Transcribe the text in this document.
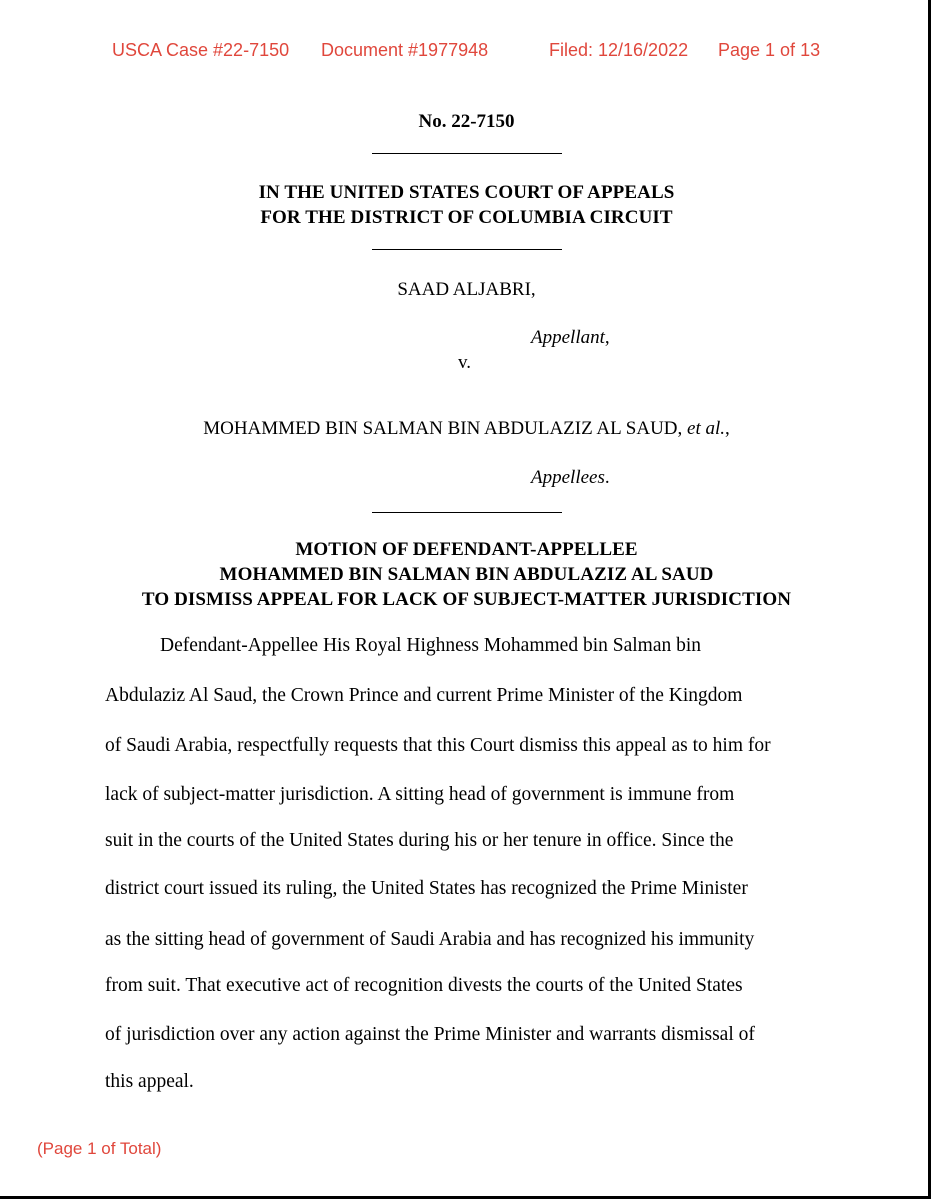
USCA Case #22-7150 Document #1977948	Filed: 12/16/2022 Page 1 of 13
No. 22-7150
IN THE UNITED STATES COURT OF APPEALS
FOR THE DISTRICT OF COLUMBIA CIRCUIT
SAAD ALJABRI,
Appellant,
v.
MOHAMMED BIN SALMAN BIN ABDULAZIZ AL SAUD, et al.,
Appellees.
MOTION OF DEFENDANT-APPELLEE
MOHAMMED BIN SALMAN BIN ABDULAZIZ AL SAUD
TO DISMISS APPEAL FOR LACK OF SUBJECT-MATTER JURISDICTION
Defendant-Appellee His Royal Highness Mohammed bin Salman bin
Abdulaziz Al Saud, the Crown Prince and current Prime Minister of the Kingdom
of Saudi Arabia, respectfully requests that this Court dismiss this appeal as to him for
lack of subject-matter jurisdiction. A sitting head of government is immune from
suit in the courts of the United States during his or her tenure in office. Since the
district court issued its ruling, the United States has recognized the Prime Minister
as the sitting head of government of Saudi Arabia and has recognized his immunity
from suit. That executive act of recognition divests the courts of the United States
of jurisdiction over any action against the Prime Minister and warrants dismissal of
this appeal.
(Page 1 of Total)
